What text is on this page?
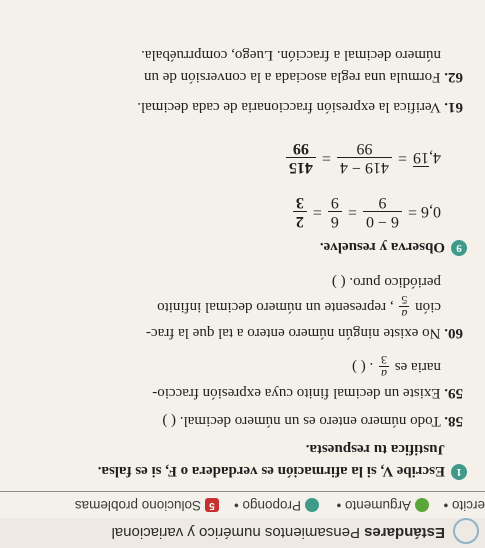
Estándares Pensamientos numérico y variacional
ercito •
Argumento •
Propongo •
5
Soluciono problemas
1
Escribe V, si la afirmación es verdadera o F, si es falsa.
Justifica tu respuesta.
58. Todo número entero es un número decimal. ( )
59. Existe un decimal finito cuya expresión fraccio-
naria es
a
3
. ( )
60. No existe ningún número entero a tal que la frac-
ción
a
5
, represente un número decimal infinito
periódico puro. ( )
9
Observa y resuelve.
0,6 =
6 − 0
9
=
6
9
=
2
3
4,19
=
419 − 4
99
=
415
99
61. Verifica la expresión fraccionaria de cada decimal.
62. Formula una regla asociada a la conversión de un
número decimal a fracción. Luego, comprruébala.
